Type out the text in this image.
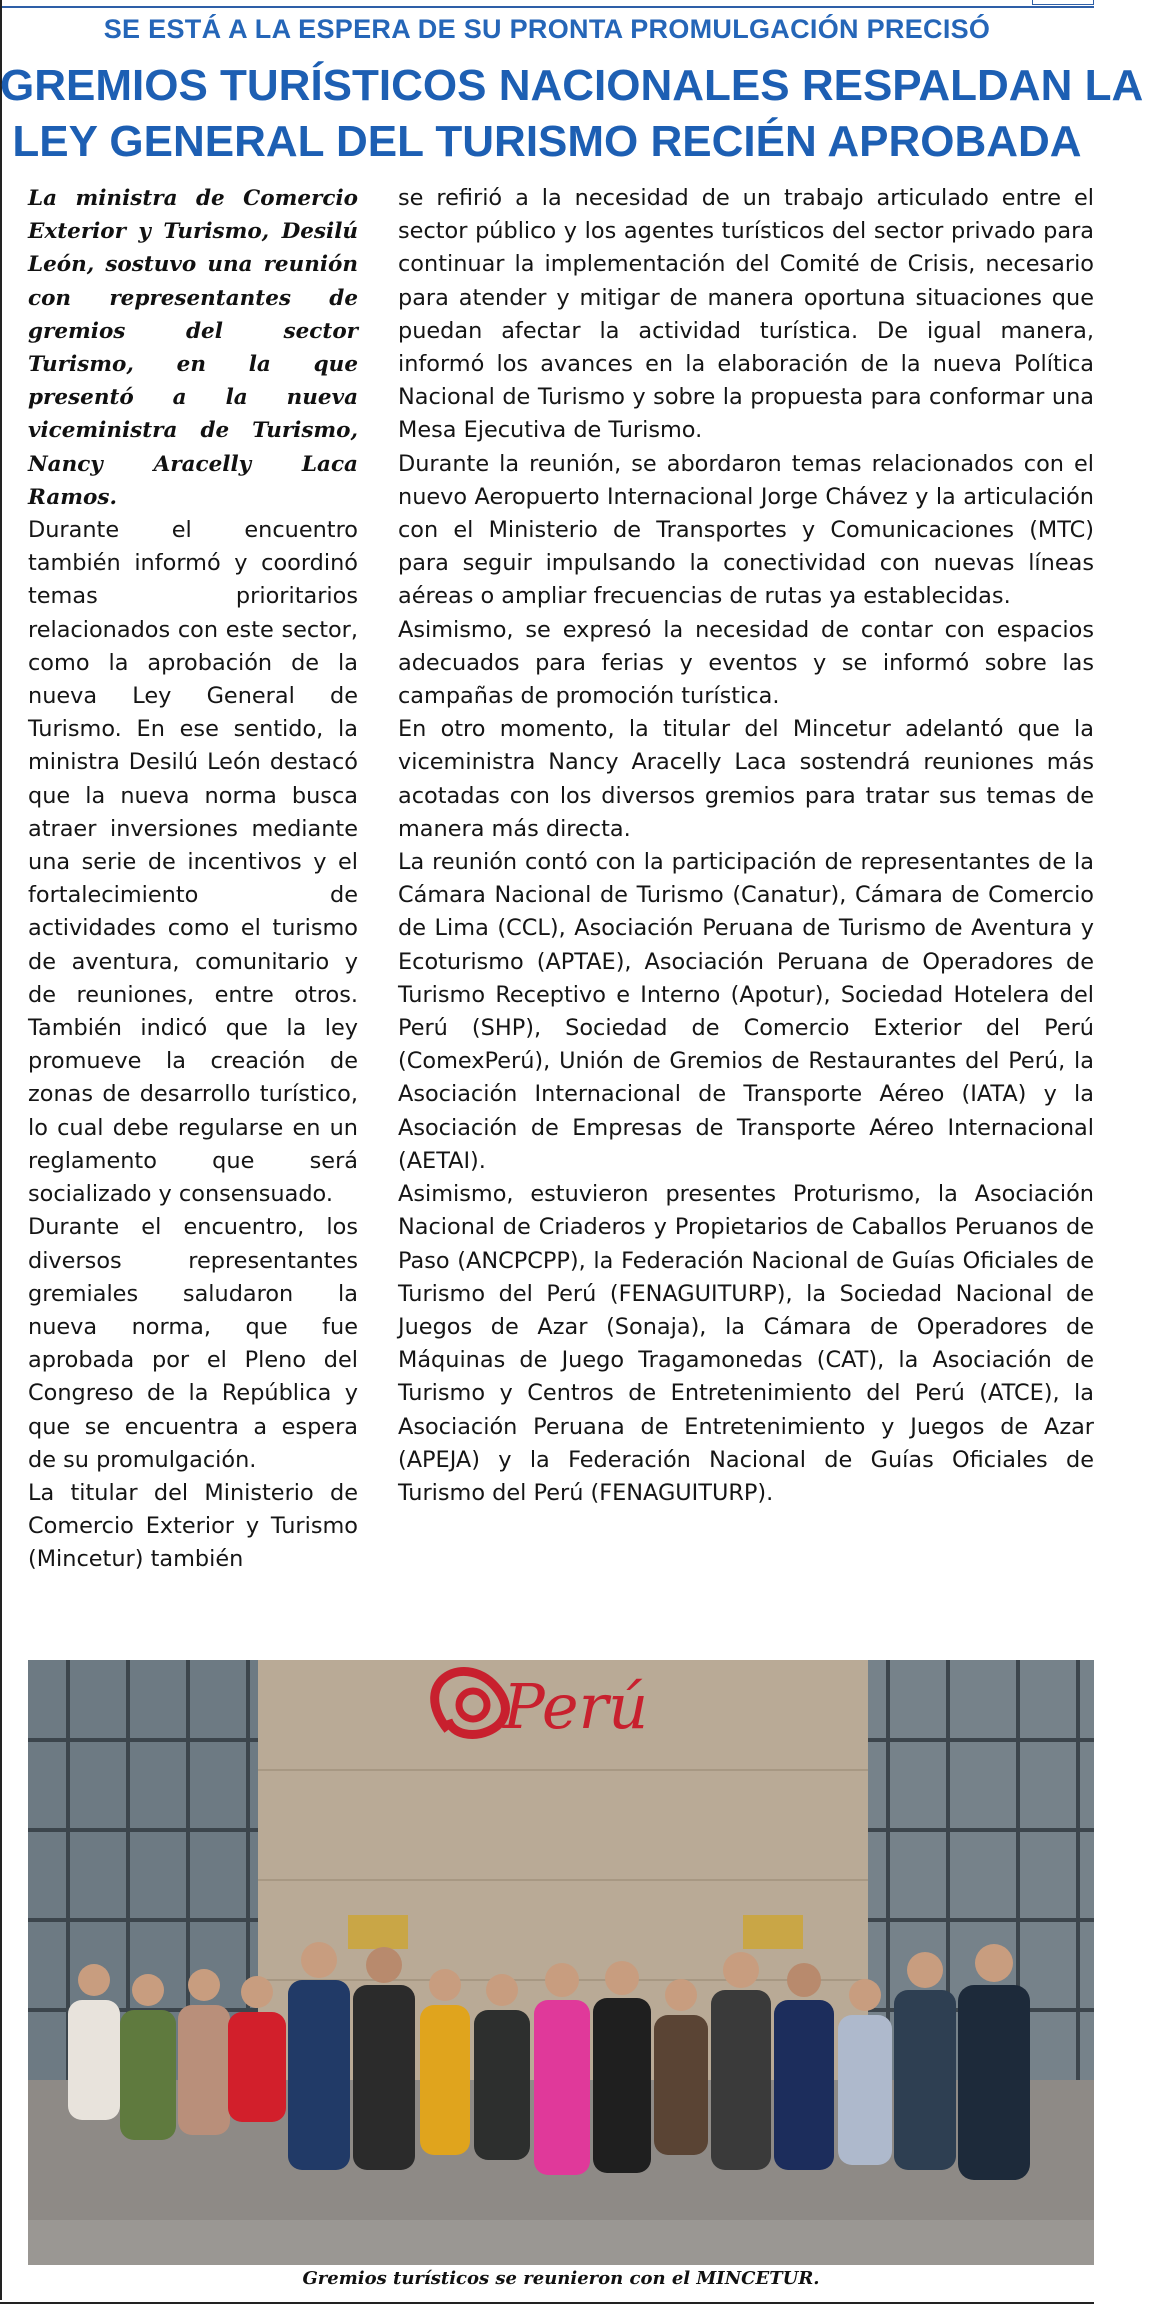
SE ESTÁ A LA ESPERA DE SU PRONTA PROMULGACIÓN PRECISÓ
GREMIOS TURÍSTICOS NACIONALES RESPALDAN LA
LEY GENERAL DEL TURISMO RECIÉN APROBADA

La ministra de Comercio Exterior y Turismo, Desilú León, sostuvo una reunión con representantes de gremios del sector Turismo, en la que presentó a la nueva viceministra de Turismo, Nancy Aracelly Laca Ramos.

Durante el encuentro también informó y coordinó temas prioritarios relacionados con este sector, como la aprobación de la nueva Ley General de Turismo. En ese sentido, la ministra Desilú León destacó que la nueva norma busca atraer inversiones mediante una serie de incentivos y el fortalecimiento de actividades como el turismo de aventura, comunitario y de reuniones, entre otros. También indicó que la ley promueve la creación de zonas de desarrollo turístico, lo cual debe regularse en un reglamento que será socializado y consensuado.

Durante el encuentro, los diversos representantes gremiales saludaron la nueva norma, que fue aprobada por el Pleno del Congreso de la República y que se encuentra a espera de su promulgación.

La titular del Ministerio de Comercio Exterior y Turismo (Mincetur) también

se refirió a la necesidad de un trabajo articulado entre el sector público y los agentes turísticos del sector privado para continuar la implementación del Comité de Crisis, necesario para atender y mitigar de manera oportuna situaciones que puedan afectar la actividad turística. De igual manera, informó los avances en la elaboración de la nueva Política Nacional de Turismo y sobre la propuesta para conformar una Mesa Ejecutiva de Turismo.

Durante la reunión, se abordaron temas relacionados con el nuevo Aeropuerto Internacional Jorge Chávez y la articulación con el Ministerio de Transportes y Comunicaciones (MTC) para seguir impulsando la conectividad con nuevas líneas aéreas o ampliar frecuencias de rutas ya establecidas.

Asimismo, se expresó la necesidad de contar con espacios adecuados para ferias y eventos y se informó sobre las campañas de promoción turística.

En otro momento, la titular del Mincetur adelantó que la viceministra Nancy Aracelly Laca sostendrá reuniones más acotadas con los diversos gremios para tratar sus temas de manera más directa.

La reunión contó con la participación de representantes de la Cámara Nacional de Turismo (Canatur), Cámara de Comercio de Lima (CCL), Asociación Peruana de Turismo de Aventura y Ecoturismo (APTAE), Asociación Peruana de Operadores de Turismo Receptivo e Interno (Apotur), Sociedad Hotelera del Perú (SHP), Sociedad de Comercio Exterior del Perú (ComexPerú), Unión de Gremios de Restaurantes del Perú, la Asociación Internacional de Transporte Aéreo (IATA) y la Asociación de Empresas de Transporte Aéreo Internacional (AETAI).

Asimismo, estuvieron presentes Proturismo, la Asociación Nacional de Criaderos y Propietarios de Caballos Peruanos de Paso (ANCPCPP), la Federación Nacional de Guías Oficiales de Turismo del Perú (FENAGUITURP), la Sociedad Nacional de Juegos de Azar (Sonaja), la Cámara de Operadores de Máquinas de Juego Tragamonedas (CAT), la Asociación de Turismo y Centros de Entretenimiento del Perú (ATCE), la Asociación Peruana de Entretenimiento y Juegos de Azar (APEJA) y la Federación Nacional de Guías Oficiales de Turismo del Perú (FENAGUITURP).

Perú
Gremios turísticos se reunieron con el MINCETUR.
